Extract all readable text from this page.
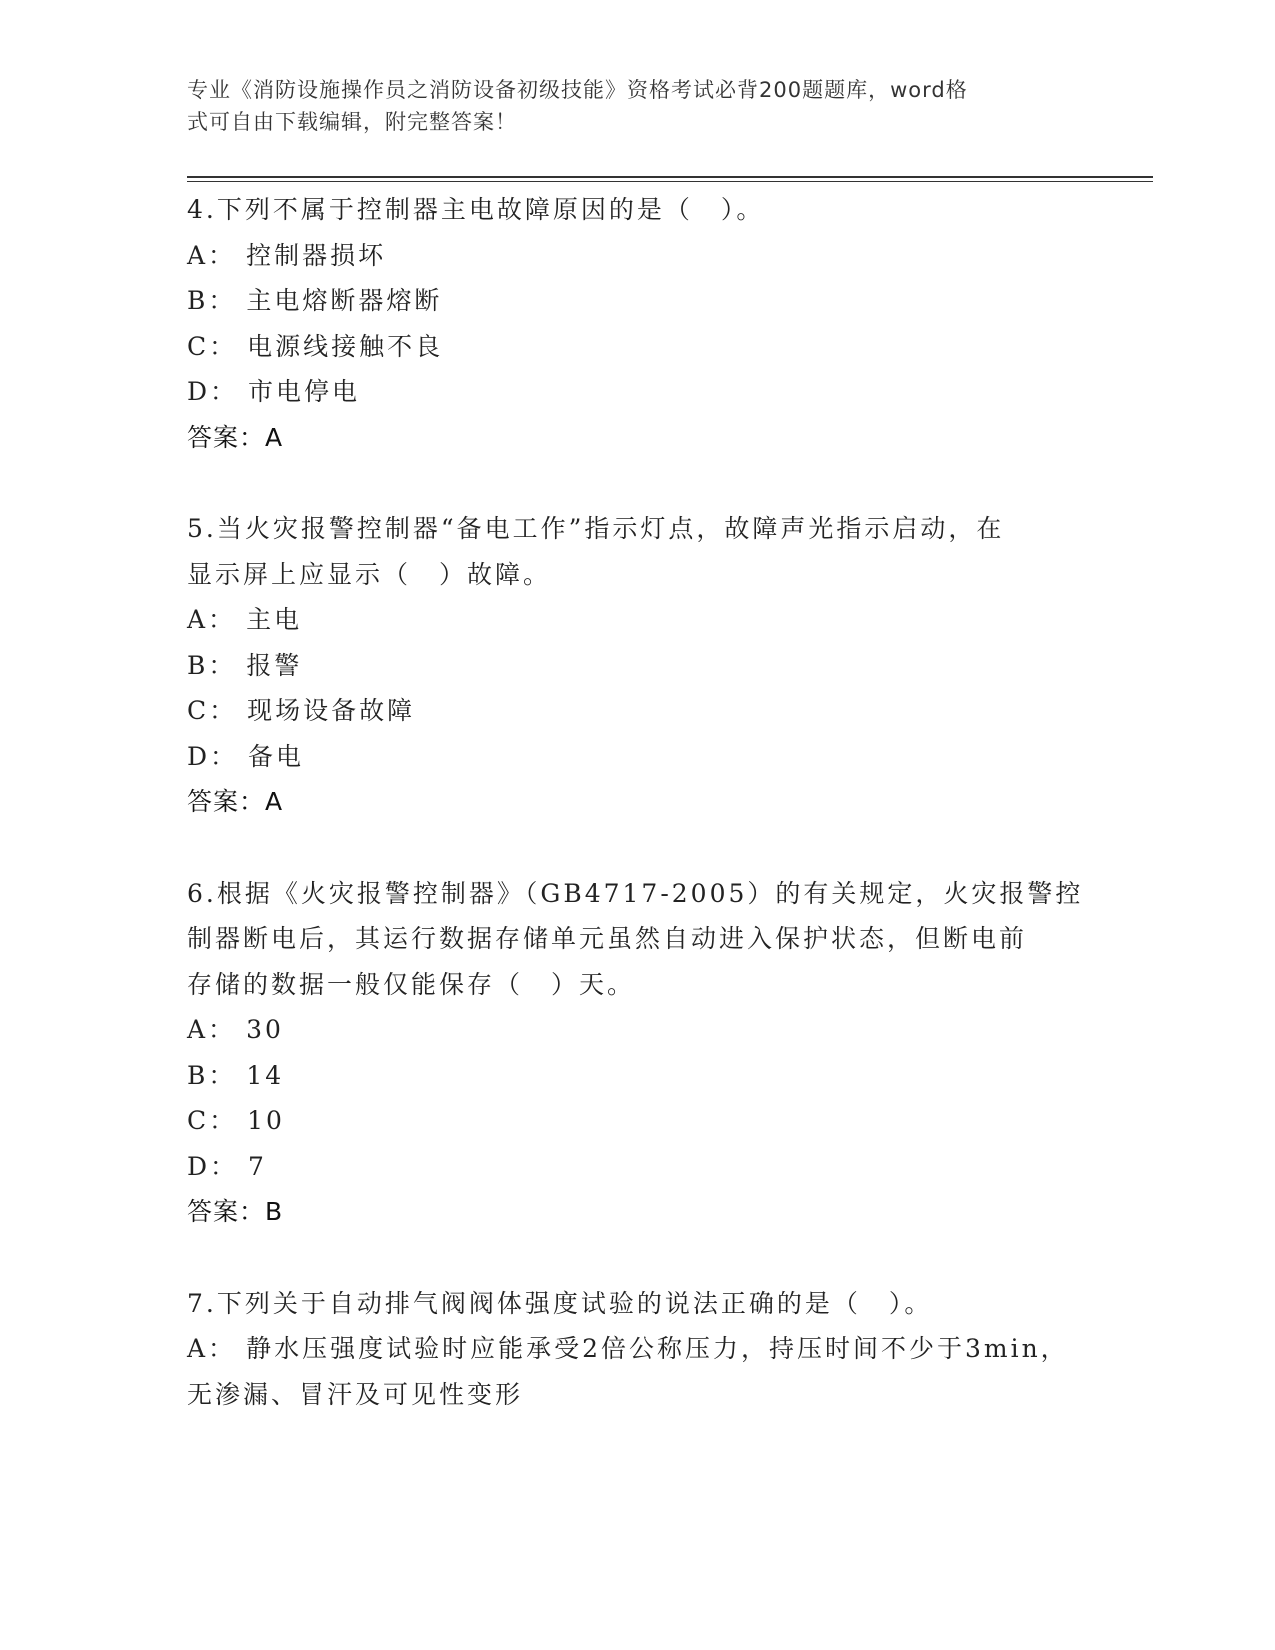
专业《消防设施操作员之消防设备初级技能》资格考试必背200题题库，word格
式可自由下载编辑，附完整答案！
4.下列不属于控制器主电故障原因的是（　）。
A： 控制器损坏
B： 主电熔断器熔断
C： 电源线接触不良
D： 市电停电
答案：A
5.当火灾报警控制器“备电工作”指示灯点，故障声光指示启动，在
显示屏上应显示（　）故障。
A： 主电
B： 报警
C： 现场设备故障
D： 备电
答案：A
6.根据《火灾报警控制器》（GB4717-2005）的有关规定，火灾报警控
制器断电后，其运行数据存储单元虽然自动进入保护状态，但断电前
存储的数据一般仅能保存（　）天。
A： 30
B： 14
C： 10
D： 7
答案：B
7.下列关于自动排气阀阀体强度试验的说法正确的是（　）。
A： 静水压强度试验时应能承受2倍公称压力，持压时间不少于3min，
无渗漏、冒汗及可见性变形
